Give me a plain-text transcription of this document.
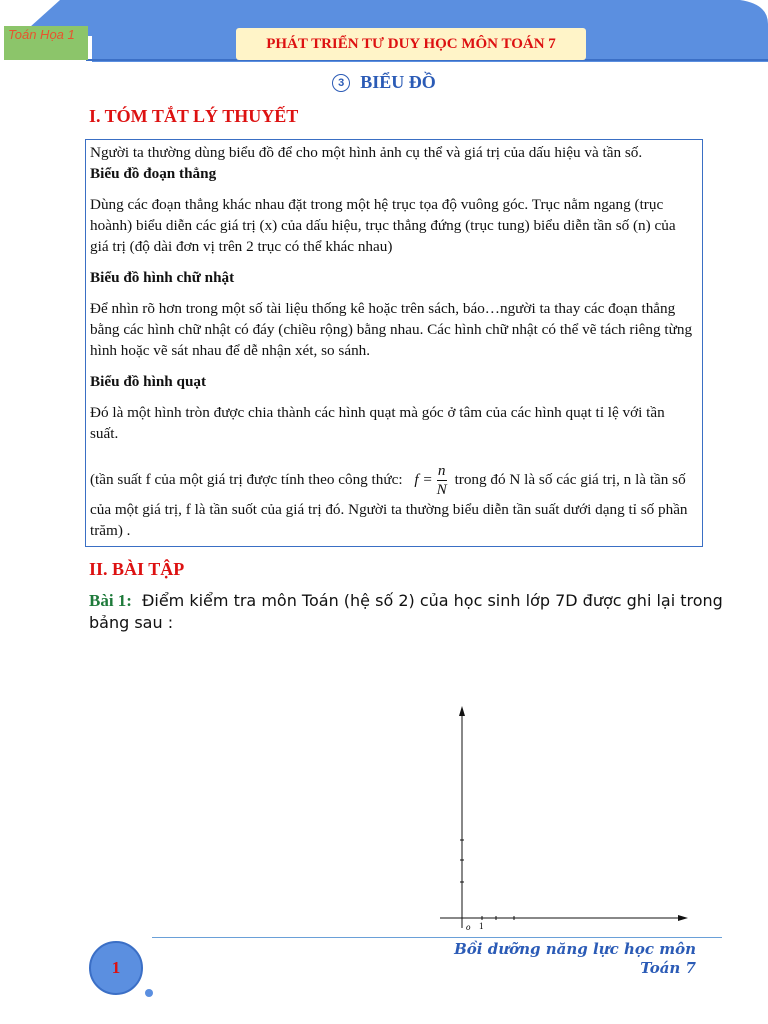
Toán Họa 1
PHÁT TRIỂN TƯ DUY HỌC MÔN TOÁN 7
3 BIỂU ĐỒ
I. TÓM TẮT LÝ THUYẾT

Người ta thường dùng biểu đồ để cho một hình ảnh cụ thể và giá trị của dấu hiệu và tần số.

Biểu đồ đoạn thẳng

Dùng các đoạn thẳng khác nhau đặt trong một hệ trục tọa độ vuông góc. Trục nằm ngang (trục hoành) biểu diễn các giá trị (x) của dấu hiệu, trục thẳng đứng (trục tung) biểu diễn tần số (n) của giá trị (độ dài đơn vị trên 2 trục có thể khác nhau)

Biểu đồ hình chữ nhật

Để nhìn rõ hơn trong một số tài liệu thống kê hoặc trên sách, báo…người ta thay các đoạn thẳng bằng các hình chữ nhật có đáy (chiều rộng) bằng nhau. Các hình chữ nhật có thể vẽ tách riêng từng hình hoặc vẽ sát nhau để dễ nhận xét, so sánh.

Biểu đồ hình quạt

Đó là một hình tròn được chia thành các hình quạt mà góc ở tâm của các hình quạt tỉ lệ với tần suất.

(tần suất f của một giá trị được tính theo công thức: $f = \frac{n}{N}$ trong đó N là số các giá trị, n là tần số của một giá trị, f là tần suốt của giá trị đó. Người ta thường biểu diễn tần suất dưới dạng tỉ số phần trăm) .

II. BÀI TẬP
Bài 1: Điểm kiểm tra môn Toán (hệ số 2) của học sinh lớp 7D được ghi lại trong bảng sau :
o 1
Bồi dưỡng năng lực học môn
Toán 7
1
